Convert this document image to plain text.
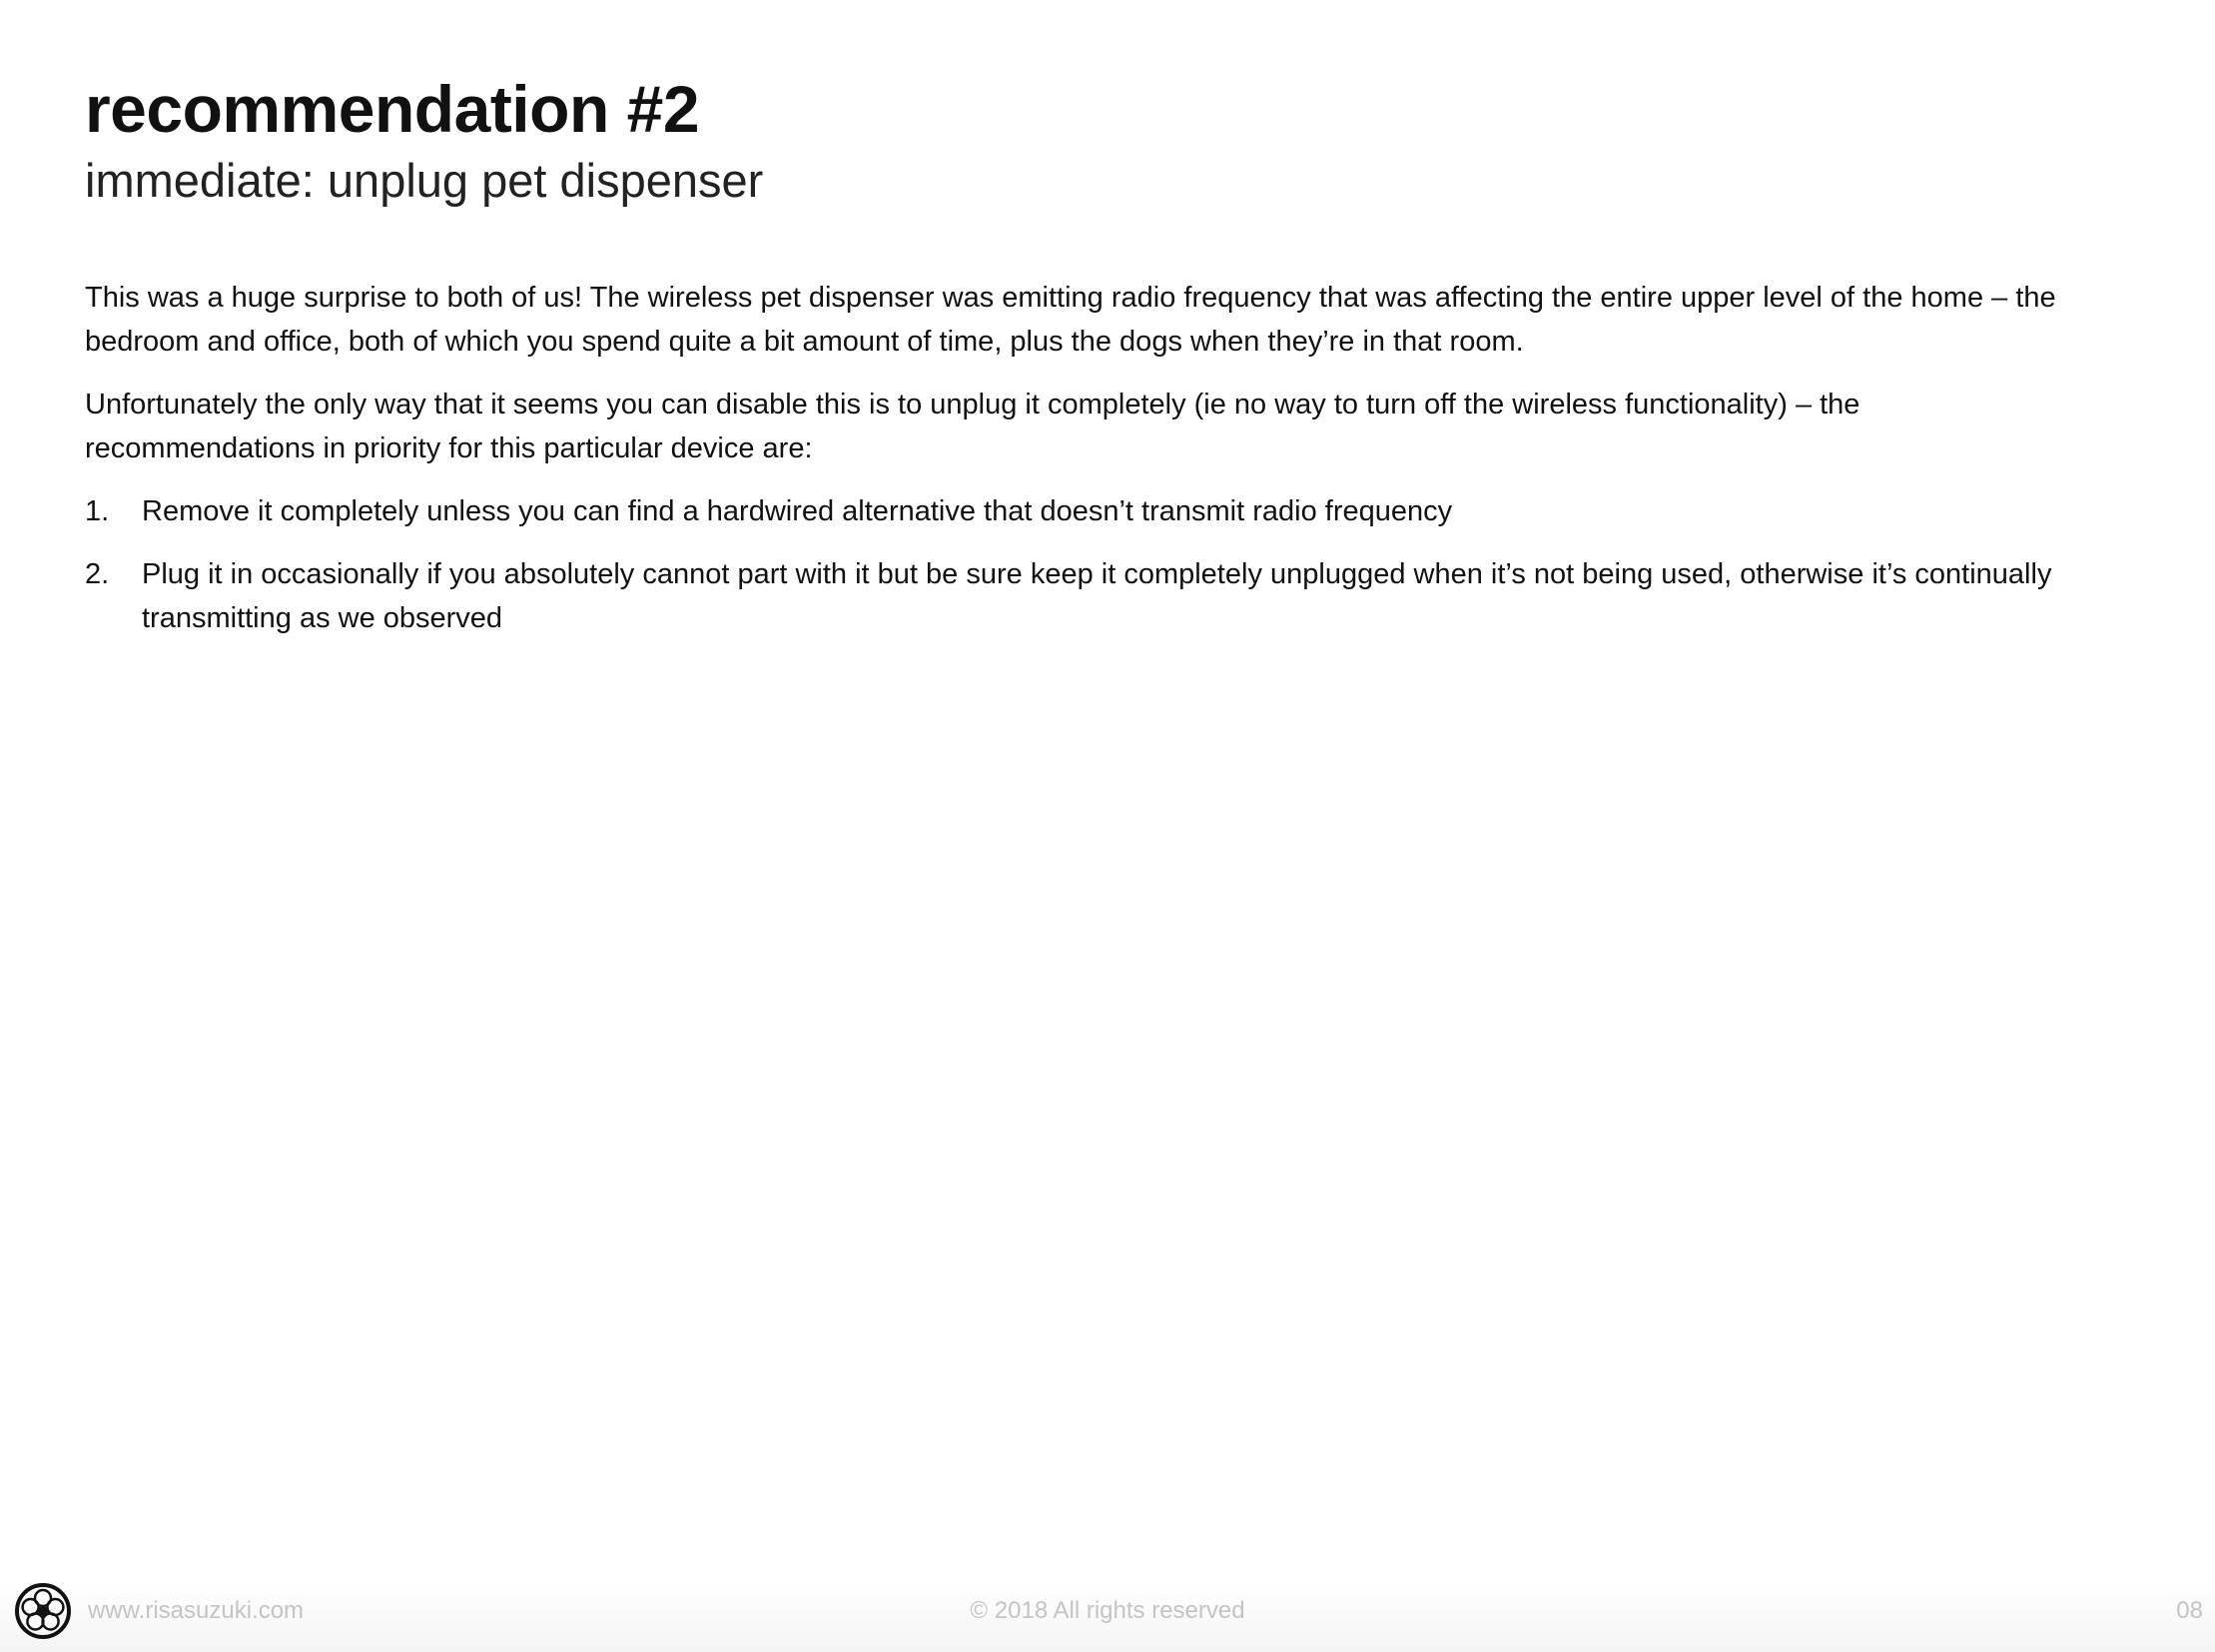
recommendation #2
immediate: unplug pet dispenser

This was a huge surprise to both of us! The wireless pet dispenser was emitting radio frequency that was affecting the entire upper level of the home – the bedroom and office, both of which you spend quite a bit amount of time, plus the dogs when they’re in that room.

Unfortunately the only way that it seems you can disable this is to unplug it completely (ie no way to turn off the wireless functionality) – the recommendations in priority for this particular device are:

1. Remove it completely unless you can find a hardwired alternative that doesn’t transmit radio frequency
2. Plug it in occasionally if you absolutely cannot part with it but be sure keep it completely unplugged when it’s not being used, otherwise it’s continually transmitting as we observed
www.risasuzuki.com	© 2018 All rights reserved	08
